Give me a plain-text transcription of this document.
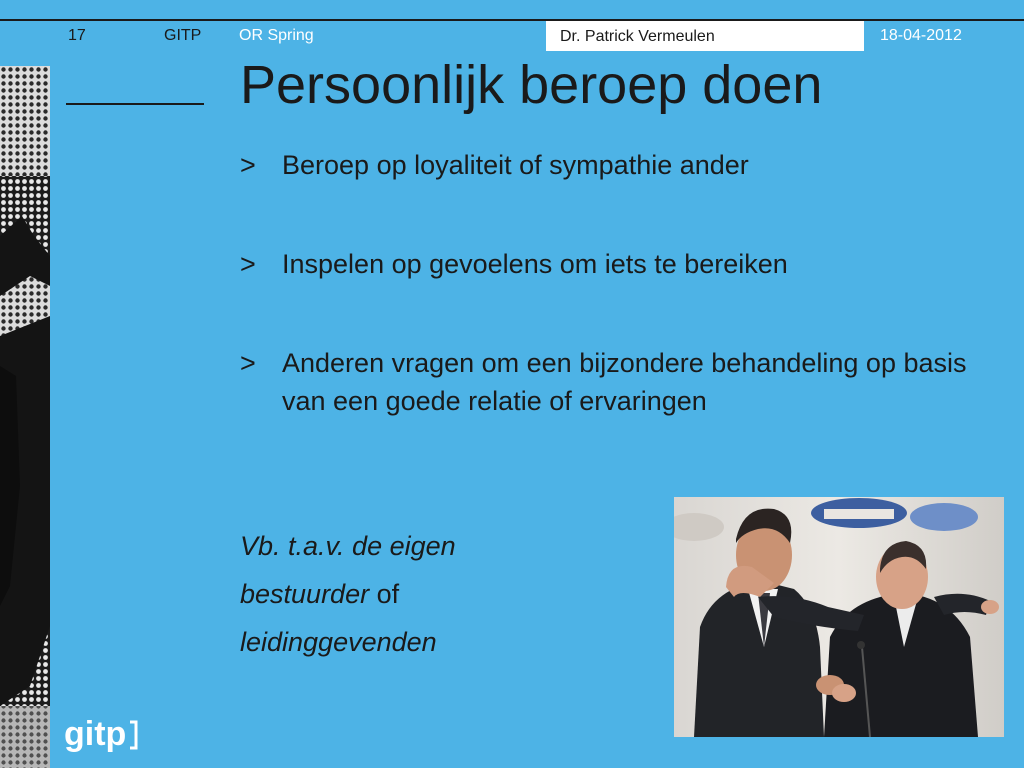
17	GITP OR Spring	Dr. Patrick Vermeulen	18-04-2012
Persoonlijk beroep doen
> Beroep op loyaliteit of sympathie ander
> Inspelen op gevoelens om iets te bereiken
> Anderen vragen om een bijzondere behandeling op basis van een goede relatie of ervaringen
Vb. t.a.v. de eigen
bestuurder of
leidinggevenden
gitp
